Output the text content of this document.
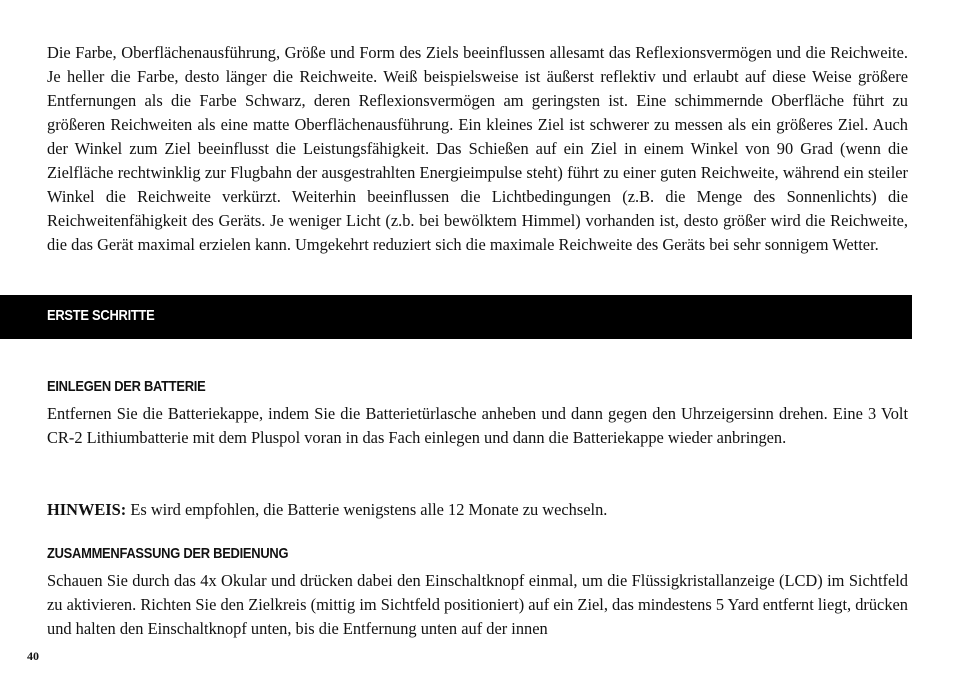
Die Farbe, Oberflächenausführung, Größe und Form des Ziels beeinflussen allesamt das Reflexionsvermögen und die Reichweite. Je heller die Farbe, desto länger die Reichweite. Weiß beispielsweise ist äußerst reflektiv und erlaubt auf diese Weise größere Entfernungen als die Farbe Schwarz, deren Reflexionsvermögen am geringsten ist. Eine schimmernde Oberfläche führt zu größeren Reichweiten als eine matte Oberflächenausführung. Ein kleines Ziel ist schwerer zu messen als ein größeres Ziel. Auch der Winkel zum Ziel beeinflusst die Leistungsfähigkeit. Das Schießen auf ein Ziel in einem Winkel von 90 Grad (wenn die Zielfläche rechtwinklig zur Flugbahn der ausgestrahlten Energieimpulse steht) führt zu einer guten Reichweite, während ein steiler Winkel die Reichweite verkürzt. Weiterhin beeinflussen die Lichtbedingungen (z.B. die Menge des Sonnenlichts) die Reichweitenfähigkeit des Geräts. Je weniger Licht (z.b. bei bewölktem Himmel) vorhanden ist, desto größer wird die Reichweite, die das Gerät maximal erzielen kann. Umgekehrt reduziert sich die maximale Reichweite des Geräts bei sehr sonnigem Wetter.

ERSTE SCHRITTE
EINLEGEN DER BATTERIE

Entfernen Sie die Batteriekappe, indem Sie die Batterietürlasche anheben und dann gegen den Uhrzeigersinn drehen. Eine 3 Volt CR-2 Lithiumbatterie mit dem Pluspol voran in das Fach einlegen und dann die Batteriekappe wieder anbringen.

HINWEIS: Es wird empfohlen, die Batterie wenigstens alle 12 Monate zu wechseln.

ZUSAMMENFASSUNG DER BEDIENUNG

Schauen Sie durch das 4x Okular und drücken dabei den Einschaltknopf einmal, um die Flüssigkristallanzeige (LCD) im Sichtfeld zu aktivieren. Richten Sie den Zielkreis (mittig im Sichtfeld positioniert) auf ein Ziel, das mindestens 5 Yard entfernt liegt, drücken und halten den Einschaltknopf unten, bis die Entfernung unten auf der innen

40
